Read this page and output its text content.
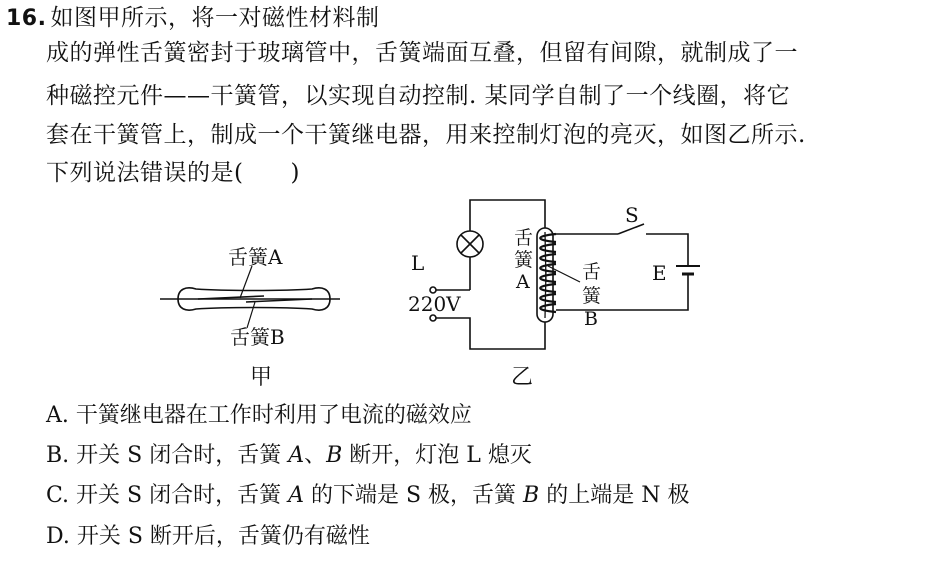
16. 如图甲所示，将一对磁性材料制
成的弹性舌簧密封于玻璃管中，舌簧端面互叠，但留有间隙，就制成了一
种磁控元件——干簧管，以实现自动控制. 某同学自制了一个线圈，将它
套在干簧管上，制成一个干簧继电器，用来控制灯泡的亮灭，如图乙所示.
下列说法错误的是(　　)
舌簧A
舌簧B
甲
L
220V
舌
簧
A	舌
簧
B
S
E
乙
A. 干簧继电器在工作时利用了电流的磁效应
B. 开关 S 闭合时，舌簧 A、B 断开，灯泡 L 熄灭
C. 开关 S 闭合时，舌簧 A 的下端是 S 极，舌簧 B 的上端是 N 极
D. 开关 S 断开后，舌簧仍有磁性
